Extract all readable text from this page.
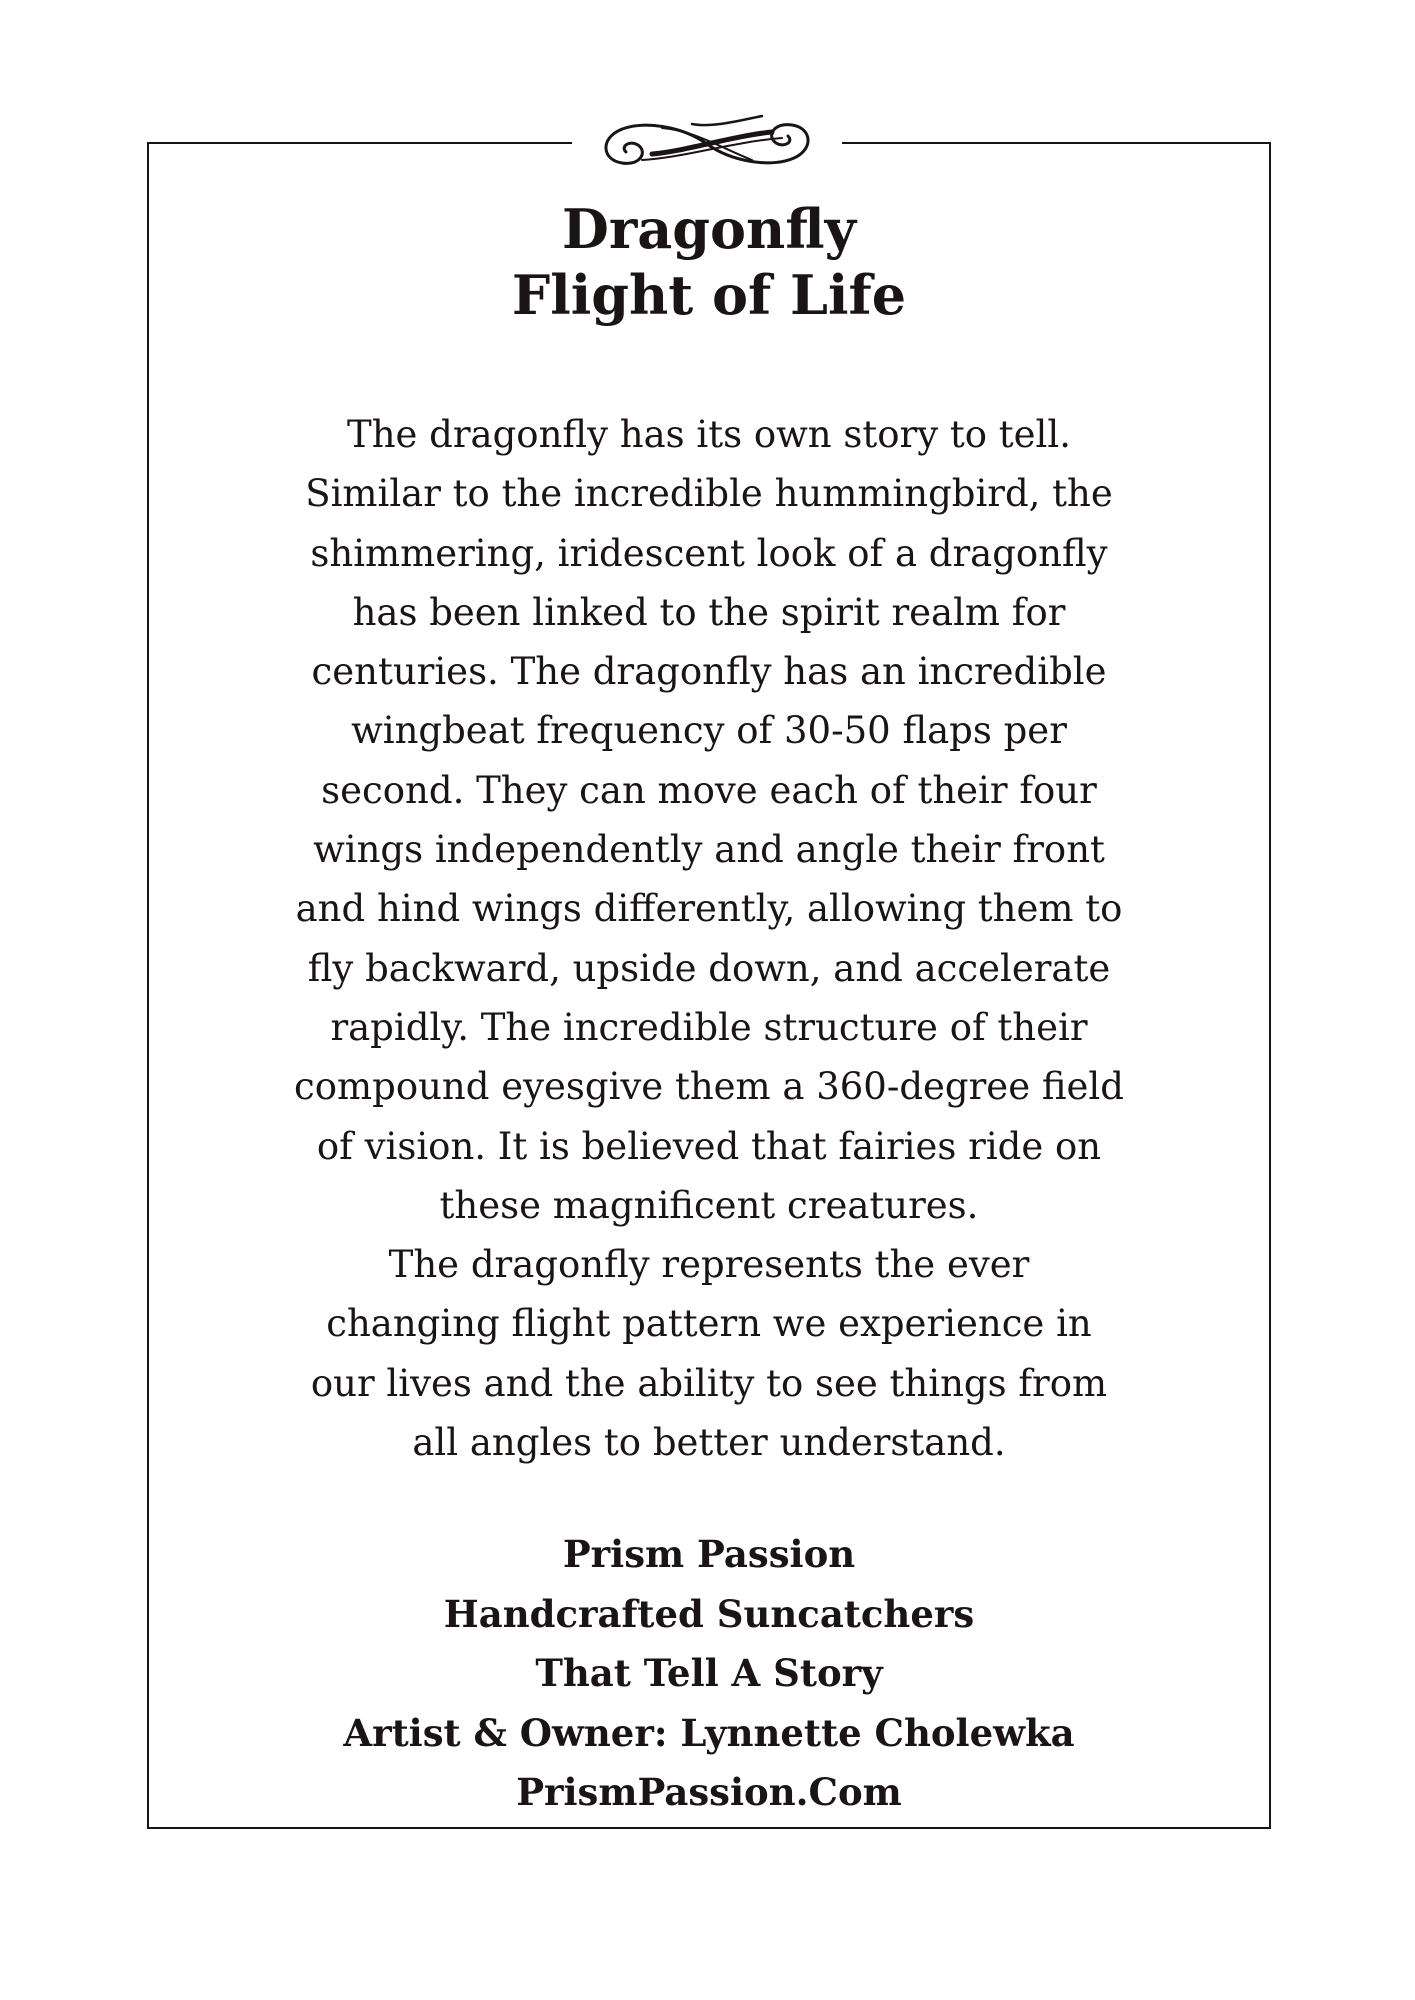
Dragonfly
Flight of Life
The dragonfly has its own story to tell.
Similar to the incredible hummingbird, the
shimmering, iridescent look of a dragonfly
has been linked to the spirit realm for
centuries. The dragonfly has an incredible
wingbeat frequency of 30-50 flaps per
second. They can move each of their four
wings independently and angle their front
and hind wings differently, allowing them to
fly backward, upside down, and accelerate
rapidly. The incredible structure of their
compound eyesgive them a 360-degree field
of vision. It is believed that fairies ride on
these magnificent creatures.
The dragonfly represents the ever
changing flight pattern we experience in
our lives and the ability to see things from
all angles to better understand.
Prism Passion
Handcrafted Suncatchers
That Tell A Story
Artist & Owner: Lynnette Cholewka
PrismPassion.Com
